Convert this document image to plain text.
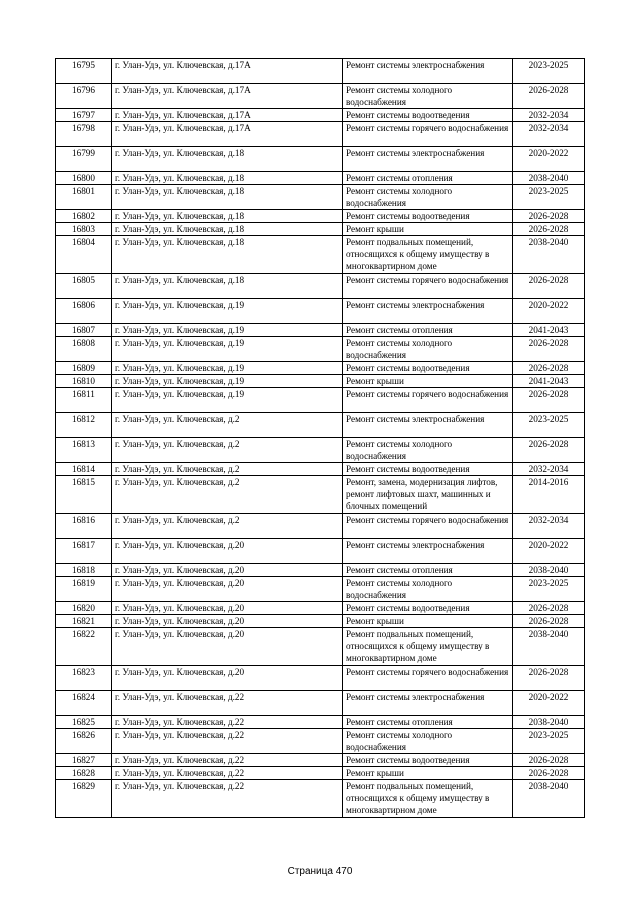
16795	г. Улан-Удэ, ул. Ключевская, д.17А	Ремонт системы электроснабжения	2023-2025
16796	г. Улан-Удэ, ул. Ключевская, д.17А	Ремонт системы холодного водоснабжения	2026-2028
16797	г. Улан-Удэ, ул. Ключевская, д.17А	Ремонт системы водоотведения	2032-2034
16798	г. Улан-Удэ, ул. Ключевская, д.17А	Ремонт системы горячего водоснабжения	2032-2034
16799	г. Улан-Удэ, ул. Ключевская, д.18	Ремонт системы электроснабжения	2020-2022
16800	г. Улан-Удэ, ул. Ключевская, д.18	Ремонт системы отопления	2038-2040
16801	г. Улан-Удэ, ул. Ключевская, д.18	Ремонт системы холодного водоснабжения	2023-2025
16802	г. Улан-Удэ, ул. Ключевская, д.18	Ремонт системы водоотведения	2026-2028
16803	г. Улан-Удэ, ул. Ключевская, д.18	Ремонт крыши	2026-2028
16804	г. Улан-Удэ, ул. Ключевская, д.18	Ремонт подвальных помещений, относящихся к общему имуществу в многоквартирном доме	2038-2040
16805	г. Улан-Удэ, ул. Ключевская, д.18	Ремонт системы горячего водоснабжения	2026-2028
16806	г. Улан-Удэ, ул. Ключевская, д.19	Ремонт системы электроснабжения	2020-2022
16807	г. Улан-Удэ, ул. Ключевская, д.19	Ремонт системы отопления	2041-2043
16808	г. Улан-Удэ, ул. Ключевская, д.19	Ремонт системы холодного водоснабжения	2026-2028
16809	г. Улан-Удэ, ул. Ключевская, д.19	Ремонт системы водоотведения	2026-2028
16810	г. Улан-Удэ, ул. Ключевская, д.19	Ремонт крыши	2041-2043
16811	г. Улан-Удэ, ул. Ключевская, д.19	Ремонт системы горячего водоснабжения	2026-2028
16812	г. Улан-Удэ, ул. Ключевская, д.2	Ремонт системы электроснабжения	2023-2025
16813	г. Улан-Удэ, ул. Ключевская, д.2	Ремонт системы холодного водоснабжения	2026-2028
16814	г. Улан-Удэ, ул. Ключевская, д.2	Ремонт системы водоотведения	2032-2034
16815	г. Улан-Удэ, ул. Ключевская, д.2	Ремонт, замена, модернизация лифтов, ремонт лифтовых шахт, машинных и блочных помещений	2014-2016
16816	г. Улан-Удэ, ул. Ключевская, д.2	Ремонт системы горячего водоснабжения	2032-2034
16817	г. Улан-Удэ, ул. Ключевская, д.20	Ремонт системы электроснабжения	2020-2022
16818	г. Улан-Удэ, ул. Ключевская, д.20	Ремонт системы отопления	2038-2040
16819	г. Улан-Удэ, ул. Ключевская, д.20	Ремонт системы холодного водоснабжения	2023-2025
16820	г. Улан-Удэ, ул. Ключевская, д.20	Ремонт системы водоотведения	2026-2028
16821	г. Улан-Удэ, ул. Ключевская, д.20	Ремонт крыши	2026-2028
16822	г. Улан-Удэ, ул. Ключевская, д.20	Ремонт подвальных помещений, относящихся к общему имуществу в многоквартирном доме	2038-2040
16823	г. Улан-Удэ, ул. Ключевская, д.20	Ремонт системы горячего водоснабжения	2026-2028
16824	г. Улан-Удэ, ул. Ключевская, д.22	Ремонт системы электроснабжения	2020-2022
16825	г. Улан-Удэ, ул. Ключевская, д.22	Ремонт системы отопления	2038-2040
16826	г. Улан-Удэ, ул. Ключевская, д.22	Ремонт системы холодного водоснабжения	2023-2025
16827	г. Улан-Удэ, ул. Ключевская, д.22	Ремонт системы водоотведения	2026-2028
16828	г. Улан-Удэ, ул. Ключевская, д.22	Ремонт крыши	2026-2028
16829	г. Улан-Удэ, ул. Ключевская, д.22	Ремонт подвальных помещений, относящихся к общему имуществу в многоквартирном доме	2038-2040
Страница 470
